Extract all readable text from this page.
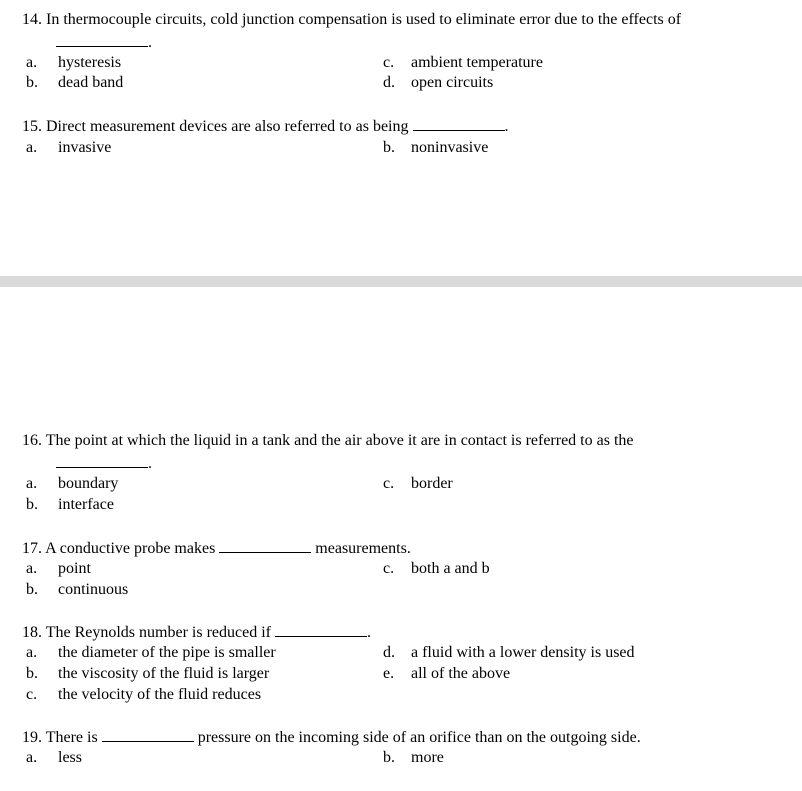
14. In thermocouple circuits, cold junction compensation is used to eliminate error due to the effects of
.
a. hysteresis
b. dead band
c. ambient temperature
d. open circuits
15. Direct measurement devices are also referred to as being	.
a. invasive	b. noninvasive
16. The point at which the liquid in a tank and the air above it are in contact is referred to as the
.
a. boundary
b. interface
c. border
17. A conductive probe makes	measurements.
a. point
b. continuous
c. both a and b
18. The Reynolds number is reduced if	.
a. the diameter of the pipe is smaller
b. the viscosity of the fluid is larger
c. the velocity of the fluid reduces
d. a fluid with a lower density is used
e. all of the above
19. There is	pressure on the incoming side of an orifice than on the outgoing side.
a. less	b. more
